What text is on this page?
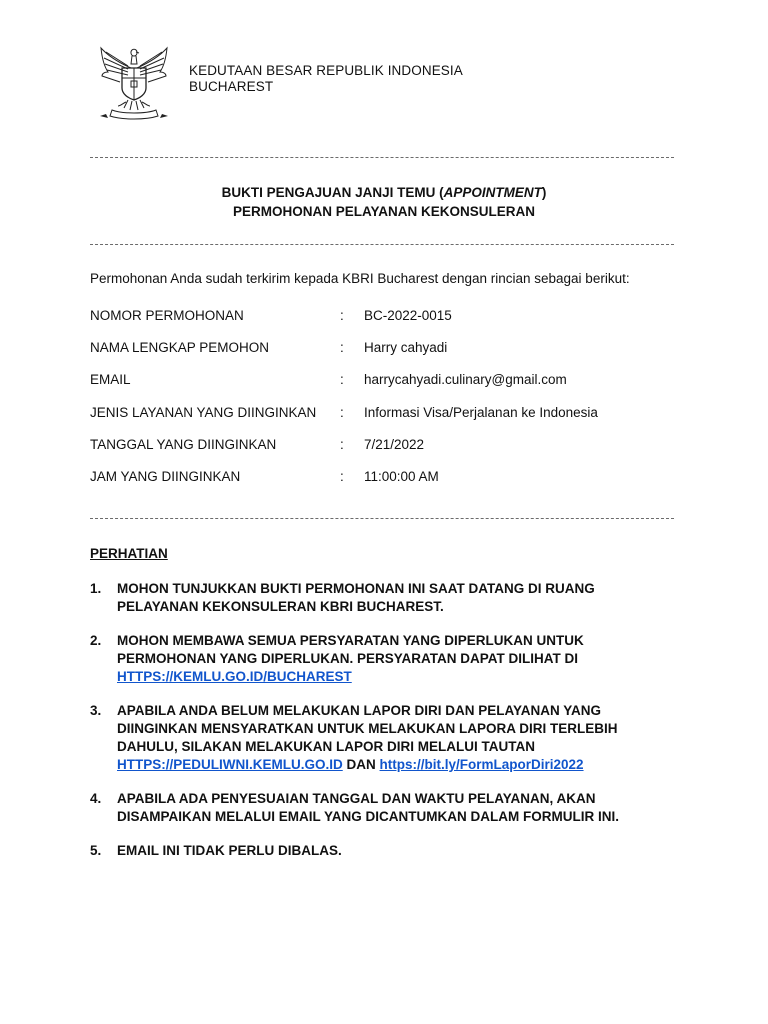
KEDUTAAN BESAR REPUBLIK INDONESIA
BUCHAREST
BUKTI PENGAJUAN JANJI TEMU (APPOINTMENT)
PERMOHONAN PELAYANAN KEKONSULERAN
Permohonan Anda sudah terkirim kepada KBRI Bucharest dengan rincian sebagai berikut:
NOMOR PERMOHONAN	: BC-2022-0015
NAMA LENGKAP PEMOHON	: Harry cahyadi
EMAIL	: harrycahyadi.culinary@gmail.com
JENIS LAYANAN YANG DIINGINKAN : Informasi Visa/Perjalanan ke Indonesia
TANGGAL YANG DIINGINKAN	: 7/21/2022
JAM YANG DIINGINKAN	: 11:00:00 AM
PERHATIAN
1. MOHON TUNJUKKAN BUKTI PERMOHONAN INI SAAT DATANG DI RUANG
PELAYANAN KEKONSULERAN KBRI BUCHAREST.
2. MOHON MEMBAWA SEMUA PERSYARATAN YANG DIPERLUKAN UNTUK
PERMOHONAN YANG DIPERLUKAN. PERSYARATAN DAPAT DILIHAT DI
HTTPS://KEMLU.GO.ID/BUCHAREST
3. APABILA ANDA BELUM MELAKUKAN LAPOR DIRI DAN PELAYANAN YANG
DIINGINKAN MENSYARATKAN UNTUK MELAKUKAN LAPORA DIRI TERLEBIH
DAHULU, SILAKAN MELAKUKAN LAPOR DIRI MELALUI TAUTAN
HTTPS://PEDULIWNI.KEMLU.GO.ID DAN https://bit.ly/FormLaporDiri2022
4. APABILA ADA PENYESUAIAN TANGGAL DAN WAKTU PELAYANAN, AKAN
DISAMPAIKAN MELALUI EMAIL YANG DICANTUMKAN DALAM FORMULIR INI.
5. EMAIL INI TIDAK PERLU DIBALAS.
